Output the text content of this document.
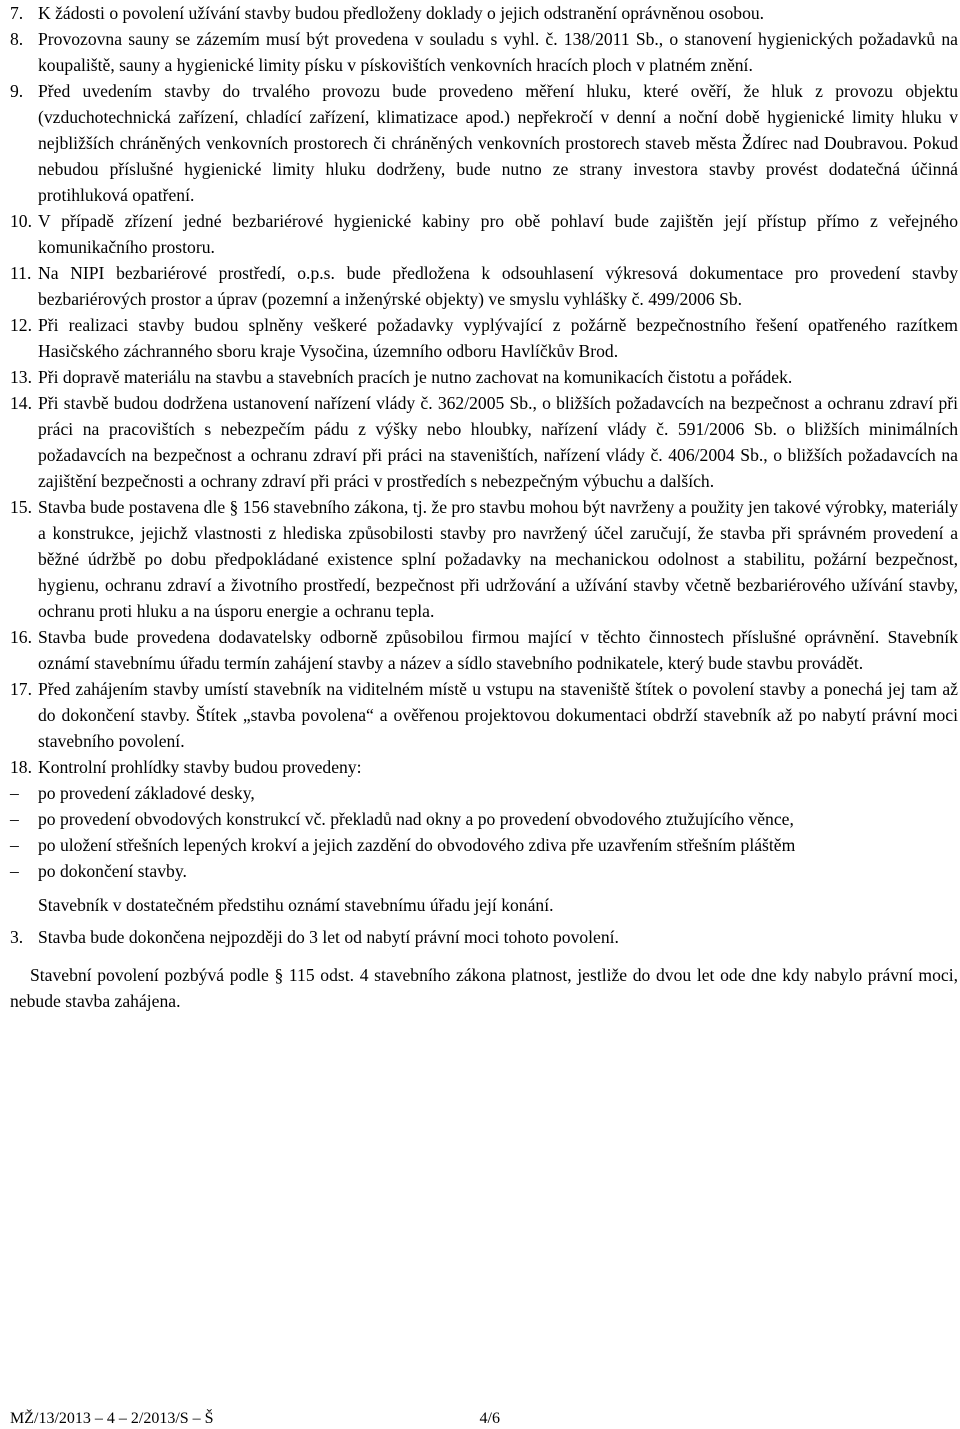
7. K žádosti o povolení užívání stavby budou předloženy doklady o jejich odstranění oprávněnou osobou.
8. Provozovna sauny se zázemím musí být provedena v souladu s vyhl. č. 138/2011 Sb., o stanovení hygienických požadavků na koupaliště, sauny a hygienické limity písku v pískovištích venkovních hracích ploch v platném znění.
9. Před uvedením stavby do trvalého provozu bude provedeno měření hluku, které ověří, že hluk z provozu objektu (vzduchotechnická zařízení, chladící zařízení, klimatizace apod.) nepřekročí v denní a noční době hygienické limity hluku v nejbližších chráněných venkovních prostorech či chráněných venkovních prostorech staveb města Ždírec nad Doubravou. Pokud nebudou příslušné hygienické limity hluku dodrženy, bude nutno ze strany investora stavby provést dodatečná účinná protihluková opatření.
10. V případě zřízení jedné bezbariérové hygienické kabiny pro obě pohlaví bude zajištěn její přístup přímo z veřejného komunikačního prostoru.
11. Na NIPI bezbariérové prostředí, o.p.s. bude předložena k odsouhlasení výkresová dokumentace pro provedení stavby bezbariérových prostor a úprav (pozemní a inženýrské objekty) ve smyslu vyhlášky č. 499/2006 Sb.
12. Při realizaci stavby budou splněny veškeré požadavky vyplývající z požárně bezpečnostního řešení opatřeného razítkem Hasičského záchranného sboru kraje Vysočina, územního odboru Havlíčkův Brod.
13. Při dopravě materiálu na stavbu a stavebních pracích je nutno zachovat na komunikacích čistotu a pořádek.
14. Při stavbě budou dodržena ustanovení nařízení vlády č. 362/2005 Sb., o bližších požadavcích na bezpečnost a ochranu zdraví při práci na pracovištích s nebezpečím pádu z výšky nebo hloubky, nařízení vlády č. 591/2006 Sb. o bližších minimálních požadavcích na bezpečnost a ochranu zdraví při práci na staveništích, nařízení vlády č. 406/2004 Sb., o bližších požadavcích na zajištění bezpečnosti a ochrany zdraví při práci v prostředích s nebezpečným výbuchu a dalších.
15. Stavba bude postavena dle § 156 stavebního zákona, tj. že pro stavbu mohou být navrženy a použity jen takové výrobky, materiály a konstrukce, jejichž vlastnosti z hlediska způsobilosti stavby pro navržený účel zaručují, že stavba při správném provedení a běžné údržbě po dobu předpokládané existence splní požadavky na mechanickou odolnost a stabilitu, požární bezpečnost, hygienu, ochranu zdraví a životního prostředí, bezpečnost při udržování a užívání stavby včetně bezbariérového užívání stavby, ochranu proti hluku a na úsporu energie a ochranu tepla.
16. Stavba bude provedena dodavatelsky odborně způsobilou firmou mající v těchto činnostech příslušné oprávnění. Stavebník oznámí stavebnímu úřadu termín zahájení stavby a název a sídlo stavebního podnikatele, který bude stavbu provádět.
17. Před zahájením stavby umístí stavebník na viditelném místě u vstupu na staveniště štítek o povolení stavby a ponechá jej tam až do dokončení stavby. Štítek „stavba povolena“ a ověřenou projektovou dokumentaci obdrží stavebník až po nabytí právní moci stavebního povolení.
18. Kontrolní prohlídky stavby budou provedeny:
–	po provedení základové desky,
–	po provedení obvodových konstrukcí vč. překladů nad okny a po provedení obvodového ztužujícího věnce,
–	po uložení střešních lepených krokví a jejich zazdění do obvodového zdiva pře uzavřením střešním pláštěm
–	po dokončení stavby.
Stavebník v dostatečném předstihu oznámí stavebnímu úřadu její konání.
3. Stavba bude dokončena nejpozději do 3 let od nabytí právní moci tohoto povolení.
Stavební povolení pozbývá podle § 115 odst. 4 stavebního zákona platnost, jestliže do dvou let ode dne kdy nabylo právní moci, nebude stavba zahájena.
MŽ/13/2013 – 4 – 2/2013/S – Š	4/6
